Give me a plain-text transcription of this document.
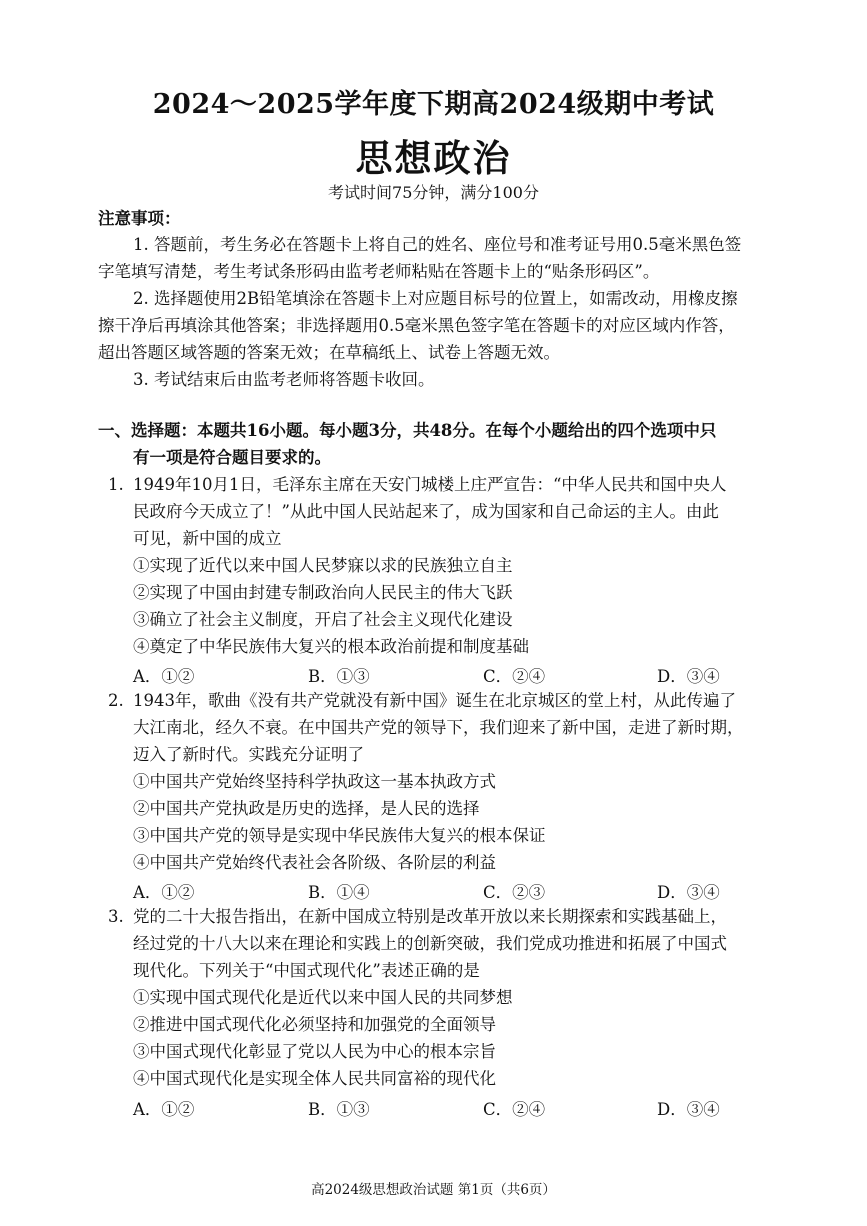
2024～2025学年度下期高2024级期中考试
思想政治
考试时间75分钟，满分100分
注意事项：
1. 答题前，考生务必在答题卡上将自己的姓名、座位号和准考证号用0.5毫米黑色签
字笔填写清楚，考生考试条形码由监考老师粘贴在答题卡上的“贴条形码区”。
2. 选择题使用2B铅笔填涂在答题卡上对应题目标号的位置上，如需改动，用橡皮擦
擦干净后再填涂其他答案；非选择题用0.5毫米黑色签字笔在答题卡的对应区域内作答，
超出答题区域答题的答案无效；在草稿纸上、试卷上答题无效。
3. 考试结束后由监考老师将答题卡收回。
一、选择题：本题共16小题。每小题3分，共48分。在每个小题给出的四个选项中只
有一项是符合题目要求的。
1. 1949年10月1日，毛泽东主席在天安门城楼上庄严宣告：“中华人民共和国中央人
民政府今天成立了！”从此中国人民站起来了，成为国家和自己命运的主人。由此
可见，新中国的成立
①实现了近代以来中国人民梦寐以求的民族独立自主
②实现了中国由封建专制政治向人民民主的伟大飞跃
③确立了社会主义制度，开启了社会主义现代化建设
④奠定了中华民族伟大复兴的根本政治前提和制度基础
A．①②	B．①③	C．②④	D．③④
2. 1943年，歌曲《没有共产党就没有新中国》诞生在北京城区的堂上村，从此传遍了
大江南北，经久不衰。在中国共产党的领导下，我们迎来了新中国，走进了新时期，
迈入了新时代。实践充分证明了
①中国共产党始终坚持科学执政这一基本执政方式
②中国共产党执政是历史的选择，是人民的选择
③中国共产党的领导是实现中华民族伟大复兴的根本保证
④中国共产党始终代表社会各阶级、各阶层的利益
A．①②	B．①④	C．②③	D．③④
3. 党的二十大报告指出，在新中国成立特别是改革开放以来长期探索和实践基础上，
经过党的十八大以来在理论和实践上的创新突破，我们党成功推进和拓展了中国式
现代化。下列关于“中国式现代化”表述正确的是
①实现中国式现代化是近代以来中国人民的共同梦想
②推进中国式现代化必须坚持和加强党的全面领导
③中国式现代化彰显了党以人民为中心的根本宗旨
④中国式现代化是实现全体人民共同富裕的现代化
A．①②	B．①③	C．②④	D．③④
高2024级思想政治试题 第1页（共6页）
